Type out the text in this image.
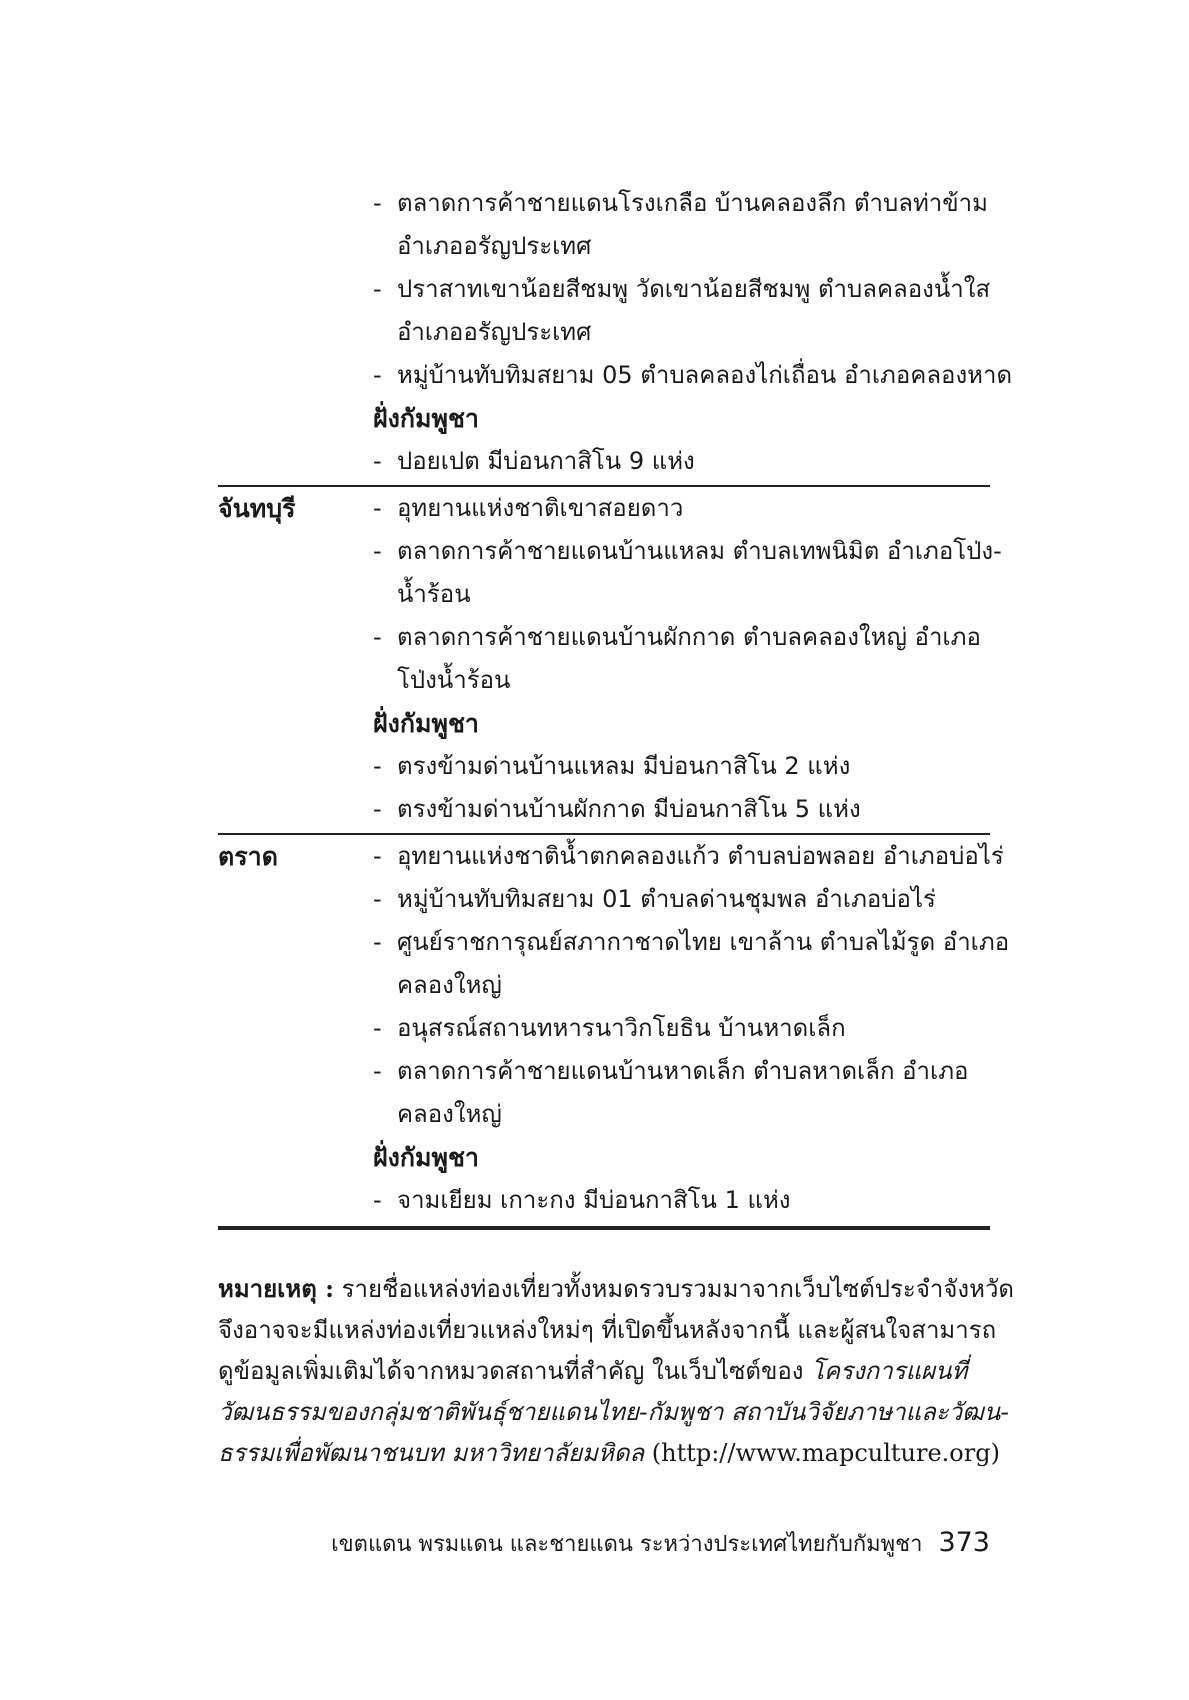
- ตลาดการค้าชายแดนโรงเกลือ บ้านคลองลึก ตำบลท่าข้าม
อำเภออรัญประเทศ
- ปราสาทเขาน้อยสีชมพู วัดเขาน้อยสีชมพู ตำบลคลองน้ำใส
อำเภออรัญประเทศ
- หมู่บ้านทับทิมสยาม 05 ตำบลคลองไก่เถื่อน อำเภอคลองหาด
ฝั่งกัมพูชา
- ปอยเปต มีบ่อนกาสิโน 9 แห่ง
จันทบุรี	- อุทยานแห่งชาติเขาสอยดาว
- ตลาดการค้าชายแดนบ้านแหลม ตำบลเทพนิมิต อำเภอโป่ง-
น้ำร้อน
- ตลาดการค้าชายแดนบ้านผักกาด ตำบลคลองใหญ่ อำเภอ
โป่งน้ำร้อน
ฝั่งกัมพูชา
- ตรงข้ามด่านบ้านแหลม มีบ่อนกาสิโน 2 แห่ง
- ตรงข้ามด่านบ้านผักกาด มีบ่อนกาสิโน 5 แห่ง
ตราด	- อุทยานแห่งชาติน้ำตกคลองแก้ว ตำบลบ่อพลอย อำเภอบ่อไร่
- หมู่บ้านทับทิมสยาม 01 ตำบลด่านชุมพล อำเภอบ่อไร่
- ศูนย์ราชการุณย์สภากาชาดไทย เขาล้าน ตำบลไม้รูด อำเภอ
คลองใหญ่
- อนุสรณ์สถานทหารนาวิกโยธิน บ้านหาดเล็ก
- ตลาดการค้าชายแดนบ้านหาดเล็ก ตำบลหาดเล็ก อำเภอ
คลองใหญ่
ฝั่งกัมพูชา
- จามเยียม เกาะกง มีบ่อนกาสิโน 1 แห่ง
หมายเหตุ : รายชื่อแหล่งท่องเที่ยวทั้งหมดรวบรวมมาจากเว็บไซต์ประจำจังหวัด
จึงอาจจะมีแหล่งท่องเที่ยวแหล่งใหม่ๆ ที่เปิดขึ้นหลังจากนี้ และผู้สนใจสามารถ
ดูข้อมูลเพิ่มเติมได้จากหมวดสถานที่สำคัญ ในเว็บไซต์ของ โครงการแผนที่
วัฒนธรรมของกลุ่มชาติพันธุ์ชายแดนไทย-กัมพูชา สถาบันวิจัยภาษาและวัฒน-
ธรรมเพื่อพัฒนาชนบท มหาวิทยาลัยมหิดล (http://www.mapculture.org)
เขตแดน พรมแดน และชายแดน ระหว่างประเทศไทยกับกัมพูชา 373
